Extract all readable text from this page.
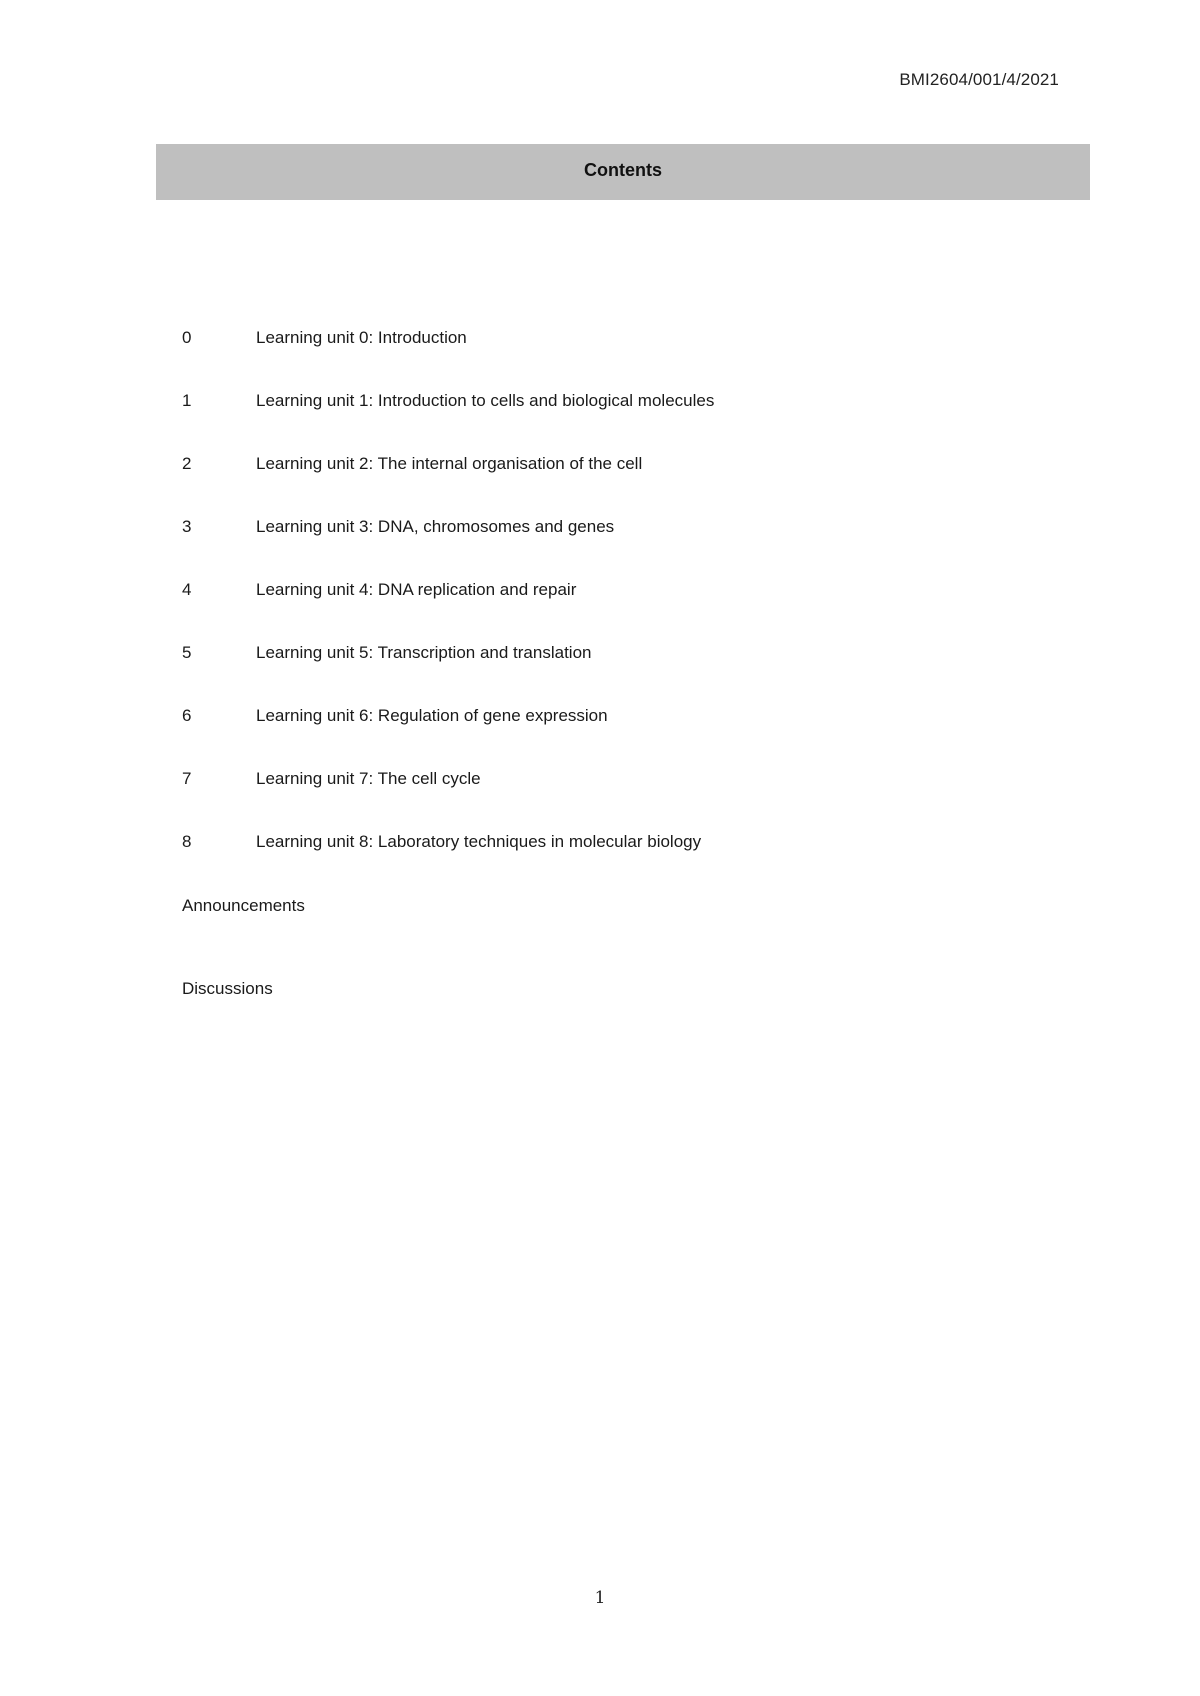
BMI2604/001/4/2021
Contents
0	Learning unit 0: Introduction
1	Learning unit 1: Introduction to cells and biological molecules
2	Learning unit 2: The internal organisation of the cell
3	Learning unit 3: DNA, chromosomes and genes
4	Learning unit 4: DNA replication and repair
5	Learning unit 5: Transcription and translation
6	Learning unit 6: Regulation of gene expression
7	Learning unit 7: The cell cycle
8	Learning unit 8: Laboratory techniques in molecular biology
Announcements
Discussions
1
